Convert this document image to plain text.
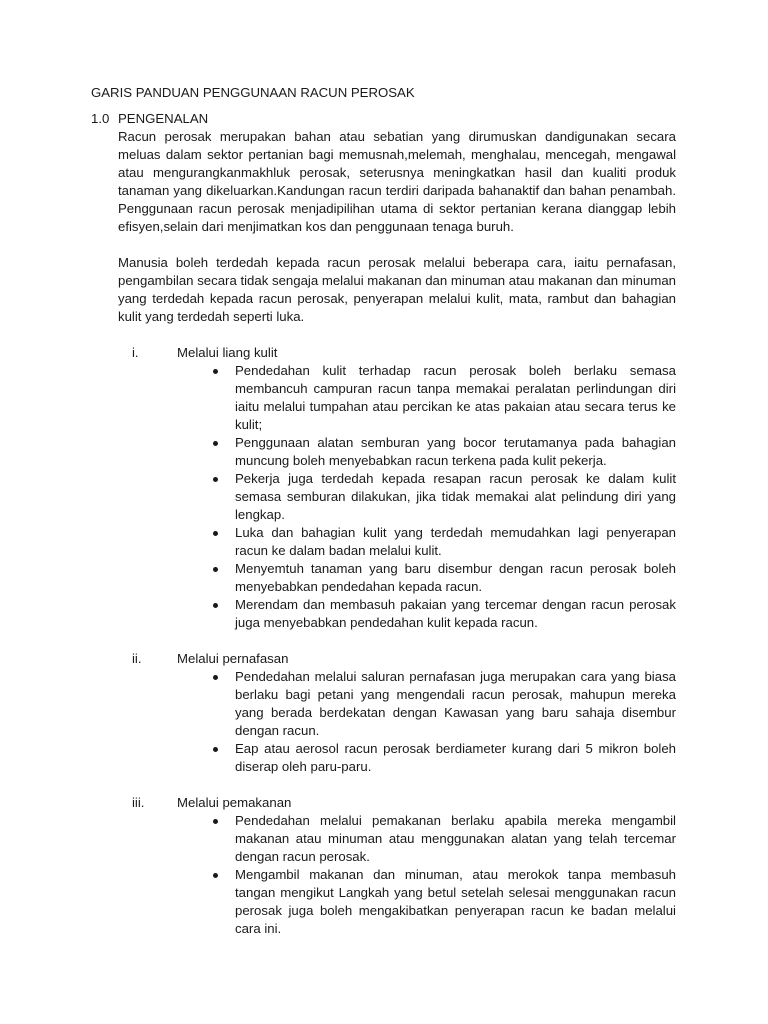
GARIS PANDUAN PENGGUNAAN RACUN PEROSAK
1.0 PENGENALAN

Racun perosak merupakan bahan atau sebatian yang dirumuskan dandigunakan secara meluas dalam sektor pertanian bagi memusnah,melemah, menghalau, mencegah, mengawal atau mengurangkanmakhluk perosak, seterusnya meningkatkan hasil dan kualiti produk tanaman yang dikeluarkan.Kandungan racun terdiri daripada bahanaktif dan bahan penambah. Penggunaan racun perosak menjadipilihan utama di sektor pertanian kerana dianggap lebih efisyen,selain dari menjimatkan kos dan penggunaan tenaga buruh.

Manusia boleh terdedah kepada racun perosak melalui beberapa cara, iaitu pernafasan, pengambilan secara tidak sengaja melalui makanan dan minuman atau makanan dan minuman yang terdedah kepada racun perosak, penyerapan melalui kulit, mata, rambut dan bahagian kulit yang terdedah seperti luka.

i.	Melalui liang kulit
Pendedahan kulit terhadap racun perosak boleh berlaku semasa membancuh campuran racun tanpa memakai peralatan perlindungan diri iaitu melalui tumpahan atau percikan ke atas pakaian atau secara terus ke kulit;
Penggunaan alatan semburan yang bocor terutamanya pada bahagian muncung boleh menyebabkan racun terkena pada kulit pekerja.
Pekerja juga terdedah kepada resapan racun perosak ke dalam kulit semasa semburan dilakukan, jika tidak memakai alat pelindung diri yang lengkap.
Luka dan bahagian kulit yang terdedah memudahkan lagi penyerapan racun ke dalam badan melalui kulit.
Menyemtuh tanaman yang baru disembur dengan racun perosak boleh menyebabkan pendedahan kepada racun.
Merendam dan membasuh pakaian yang tercemar dengan racun perosak juga menyebabkan pendedahan kulit kepada racun.
ii.	Melalui pernafasan
Pendedahan melalui saluran pernafasan juga merupakan cara yang biasa berlaku bagi petani yang mengendali racun perosak, mahupun mereka yang berada berdekatan dengan Kawasan yang baru sahaja disembur dengan racun.
Eap atau aerosol racun perosak berdiameter kurang dari 5 mikron boleh diserap oleh paru-paru.
iii.	Melalui pemakanan
Pendedahan melalui pemakanan berlaku apabila mereka mengambil makanan atau minuman atau menggunakan alatan yang telah tercemar dengan racun perosak.
Mengambil makanan dan minuman, atau merokok tanpa membasuh tangan mengikut Langkah yang betul setelah selesai menggunakan racun perosak juga boleh mengakibatkan penyerapan racun ke badan melalui cara ini.
